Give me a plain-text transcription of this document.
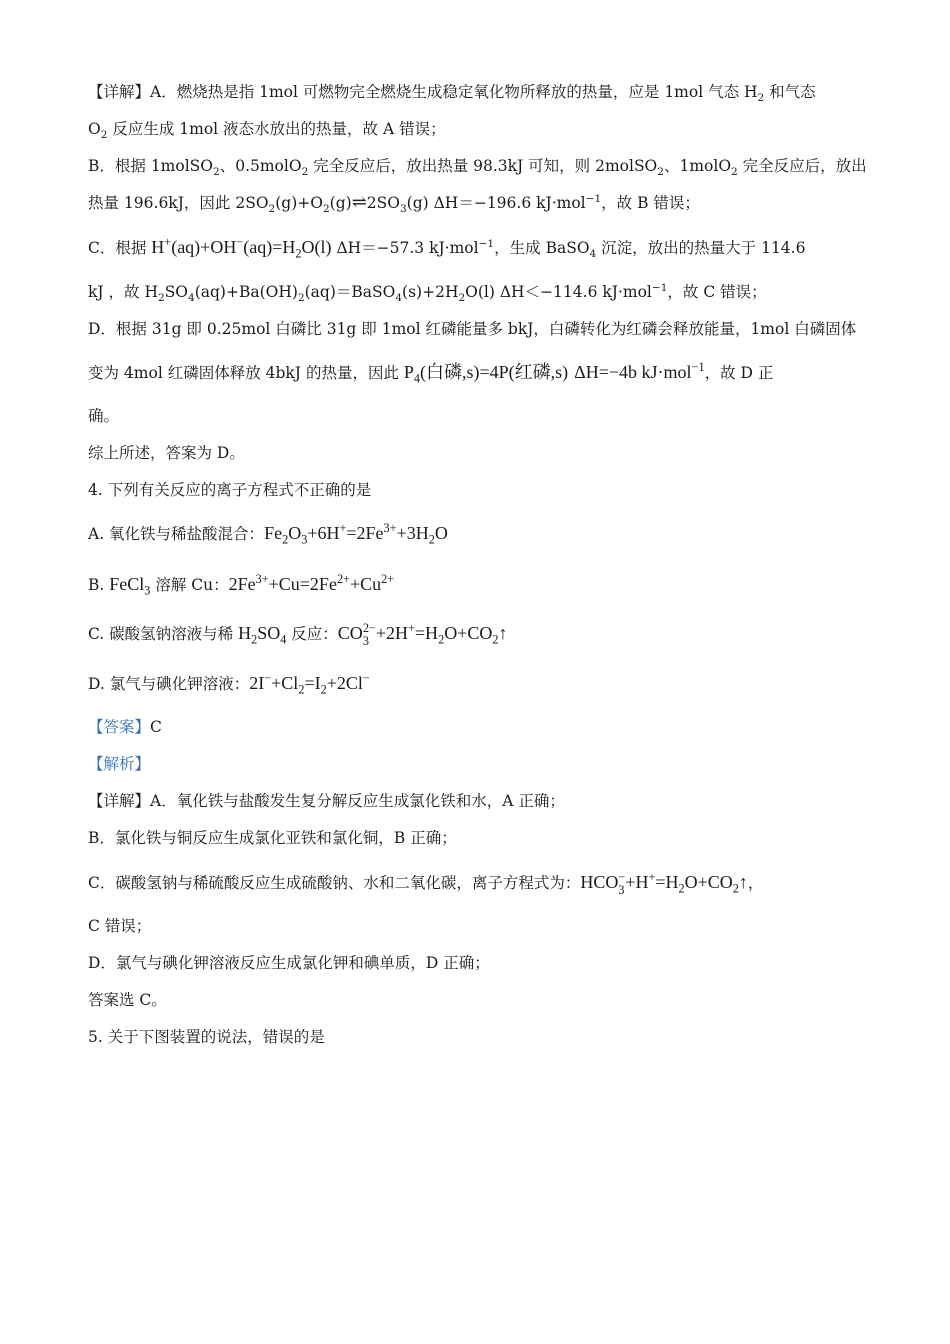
【详解】A．燃烧热是指 1mol 可燃物完全燃烧生成稳定氧化物所释放的热量，应是 1mol 气态 $H_2$ 和气态
$O_2$ 反应生成 1mol 液态水放出的热量，故 A 错误；
B．根据 1molSO$_2$、0.5molO$_2$ 完全反应后，放出热量 98.3kJ 可知，则 2molSO$_2$、1molO$_2$ 完全反应后，放出
热量 196.6kJ，因此 $2SO_2(g)+O_2(g)\rightleftharpoons 2SO_3(g)$ ΔH＝−196.6 kJ·mol$^{-1}$，故 B 错误；
C．根据 $H^+(aq)+OH^-(aq)=H_2O(l)$ ΔH＝−57.3 kJ·mol$^{-1}$，生成 BaSO$_4$ 沉淀，放出的热量大于 114.6
kJ ，故 $H_2SO_4(aq)+Ba(OH)_2(aq)=BaSO_4(s)+2H_2O(l)$ ΔH＜−114.6 kJ·mol$^{-1}$，故 C 错误；
D．根据 31g 即 0.25mol 白磷比 31g 即 1mol 红磷能量多 bkJ，白磷转化为红磷会释放能量，1mol 白磷固体
变为 4mol 红磷固体释放 4bkJ 的热量，因此 $P_4$(白磷,s)=4P(红磷,s) ΔH=−4b kJ·mol$^{-1}$，故 D 正
确。
综上所述，答案为 D。
4. 下列有关反应的离子方程式不正确的是
A. 氧化铁与稀盐酸混合：$Fe_2O_3+6H^+=2Fe^{3+}+3H_2O$
B. FeCl$_3$ 溶解 Cu：$2Fe^{3+}+Cu=2Fe^{2+}+Cu^{2+}$
C. 碳酸氢钠溶液与稀 $H_2SO_4$ 反应：CO 2−
$3 +2H^+=H_2O+CO_2↑$
D. 氯气与碘化钾溶液：$2I^-+Cl_2=I_2+2Cl^-$
【答案】C
【解析】
【详解】A．氧化铁与盐酸发生复分解反应生成氯化铁和水，A 正确；
B．氯化铁与铜反应生成氯化亚铁和氯化铜，B 正确；
C．碳酸氢钠与稀硫酸反应生成硫酸钠、水和二氧化碳，离子方程式为：HCO −
$3 +H^+=H_2O+CO_2↑$，
C 错误；
D．氯气与碘化钾溶液反应生成氯化钾和碘单质，D 正确；
答案选 C。
5. 关于下图装置的说法，错误的是
